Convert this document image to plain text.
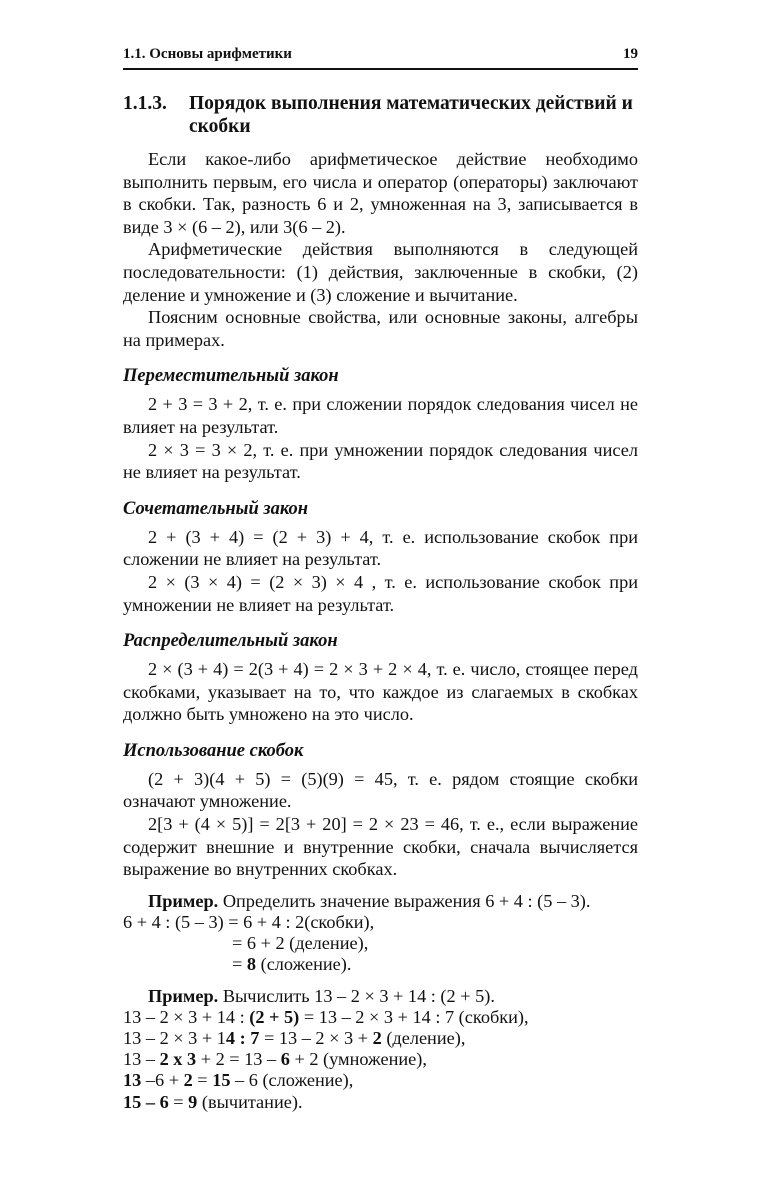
1.1. Основы арифметики	19
1.1.3.	Порядок выполнения математических действий и скобки

Если какое-либо арифметическое действие необходимо выполнить первым, его числа и оператор (операторы) заключают в скобки. Так, разность 6 и 2, умноженная на 3, записывается в виде 3 × (6 – 2), или 3(6 – 2).

Арифметические действия выполняются в следующей последовательности: (1) действия, заключенные в скобки, (2) деление и умножение и (3) сложение и вычитание.

Поясним основные свойства, или основные законы, алгебры на примерах.

Переместительный закон

2 + 3 = 3 + 2, т. е. при сложении порядок следования чисел не влияет на результат.

2 × 3 = 3 × 2, т. е. при умножении порядок следования чисел не влияет на результат.

Сочетательный закон

2 + (3 + 4) = (2 + 3) + 4, т. е. использование скобок при сложении не влияет на результат.

2 × (3 × 4) = (2 × 3) × 4 , т. е. использование скобок при умножении не влияет на результат.

Распределительный закон

2 × (3 + 4) = 2(3 + 4) = 2 × 3 + 2 × 4, т. е. число, стоящее перед скобками, указывает на то, что каждое из слагаемых в скобках должно быть умножено на это число.

Использование скобок

(2 + 3)(4 + 5) = (5)(9) = 45, т. е. рядом стоящие скобки означают умножение.

2[3 + (4 × 5)] = 2[3 + 20] = 2 × 23 = 46, т. е., если выражение содержит внешние и внутренние скобки, сначала вычисляется выражение во внутренних скобках.

Пример. Определить значение выражения 6 + 4 : (5 – 3).
6 + 4 : (5 – 3) = 6 + 4 : 2(скобки),
= 6 + 2 (деление),
= 8 (сложение).
Пример. Вычислить 13 – 2 × 3 + 14 : (2 + 5).
13 – 2 × 3 + 14 : (2 + 5) = 13 – 2 × 3 + 14 : 7 (скобки),
13 – 2 × 3 + 14 : 7 = 13 – 2 × 3 + 2 (деление),
13 – 2 x 3 + 2 = 13 – 6 + 2 (умножение),
13 –6 + 2 = 15 – 6 (сложение),
15 – 6 = 9 (вычитание).
